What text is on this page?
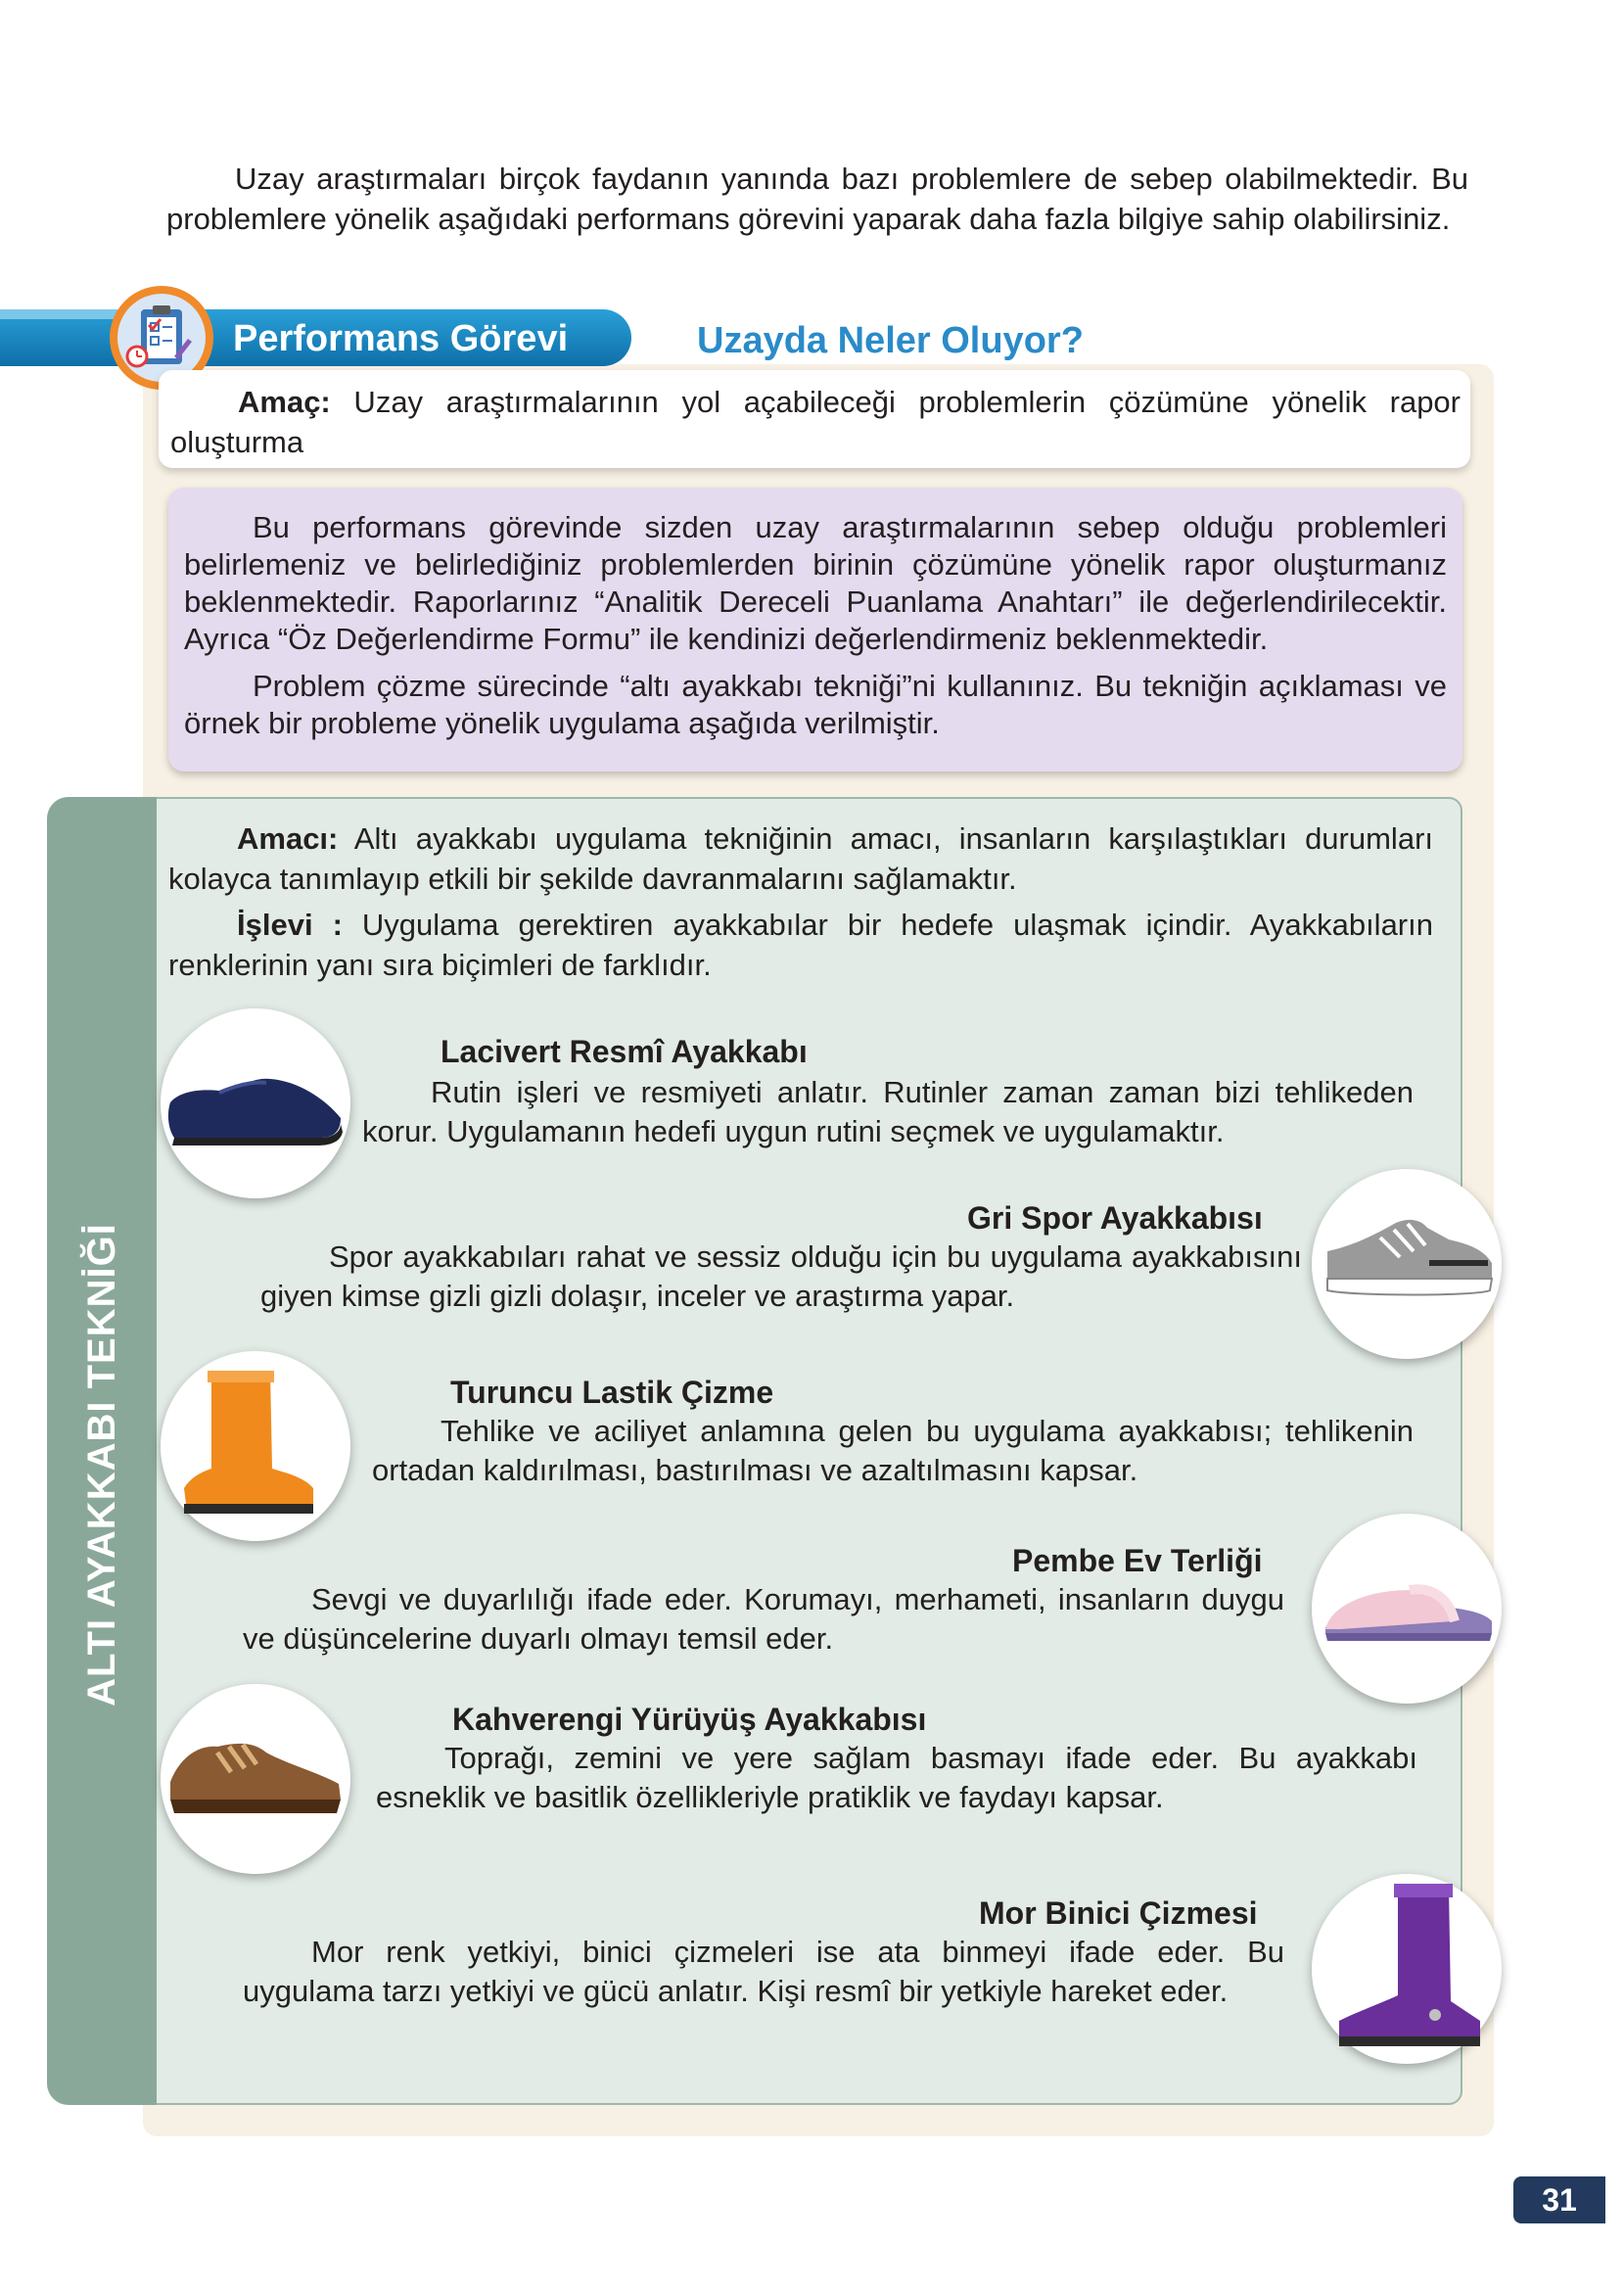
Uzay araştırmaları birçok faydanın yanında bazı problemlere de sebep olabilmektedir. Bu problemlere yönelik aşağıdaki performans görevini yaparak daha fazla bilgiye sahip olabilirsiniz.

Performans Görevi	Uzayda Neler Oluyor?

Amaç: Uzay araştırmalarının yol açabileceği problemlerin çözümüne yönelik rapor oluşturma

Bu performans görevinde sizden uzay araştırmalarının sebep olduğu problemleri belirlemeniz ve belirlediğiniz problemlerden birinin çözümüne yönelik rapor oluşturmanız beklenmektedir. Raporlarınız “Analitik Dereceli Puanlama Anahtarı” ile değerlendirilecektir. Ayrıca “Öz Değerlendirme Formu” ile kendinizi değerlendirmeniz beklenmektedir.

Problem çözme sürecinde “altı ayakkabı tekniği”ni kullanınız. Bu tekniğin açıklaması ve örnek bir probleme yönelik uygulama aşağıda verilmiştir.

ALTI AYAKKABI TEKNİĞİ

Amacı: Altı ayakkabı uygulama tekniğinin amacı, insanların karşılaştıkları durumları kolayca tanımlayıp etkili bir şekilde davranmalarını sağlamaktır.

İşlevi : Uygulama gerektiren ayakkabılar bir hedefe ulaşmak içindir. Ayakkabıların renklerinin yanı sıra biçimleri de farklıdır.

Lacivert Resmî Ayakkabı

Rutin işleri ve resmiyeti anlatır. Rutinler zaman zaman bizi tehlikeden korur. Uygulamanın hedefi uygun rutini seçmek ve uygulamaktır.

Gri Spor Ayakkabısı

Spor ayakkabıları rahat ve sessiz olduğu için bu uygulama ayakkabısını giyen kimse gizli gizli dolaşır, inceler ve araştırma yapar.

Turuncu Lastik Çizme

Tehlike ve aciliyet anlamına gelen bu uygulama ayakkabısı; tehlikenin ortadan kaldırılması, bastırılması ve azaltılmasını kapsar.

Pembe Ev Terliği

Sevgi ve duyarlılığı ifade eder. Korumayı, merhameti, insanların duygu ve düşüncelerine duyarlı olmayı temsil eder.

Kahverengi Yürüyüş Ayakkabısı

Toprağı, zemini ve yere sağlam basmayı ifade eder. Bu ayakkabı esneklik ve basitlik özellikleriyle pratiklik ve faydayı kapsar.

Mor Binici Çizmesi

Mor renk yetkiyi, binici çizmeleri ise ata binmeyi ifade eder. Bu uygulama tarzı yetkiyi ve gücü anlatır. Kişi resmî bir yetkiyle hareket eder.

31
